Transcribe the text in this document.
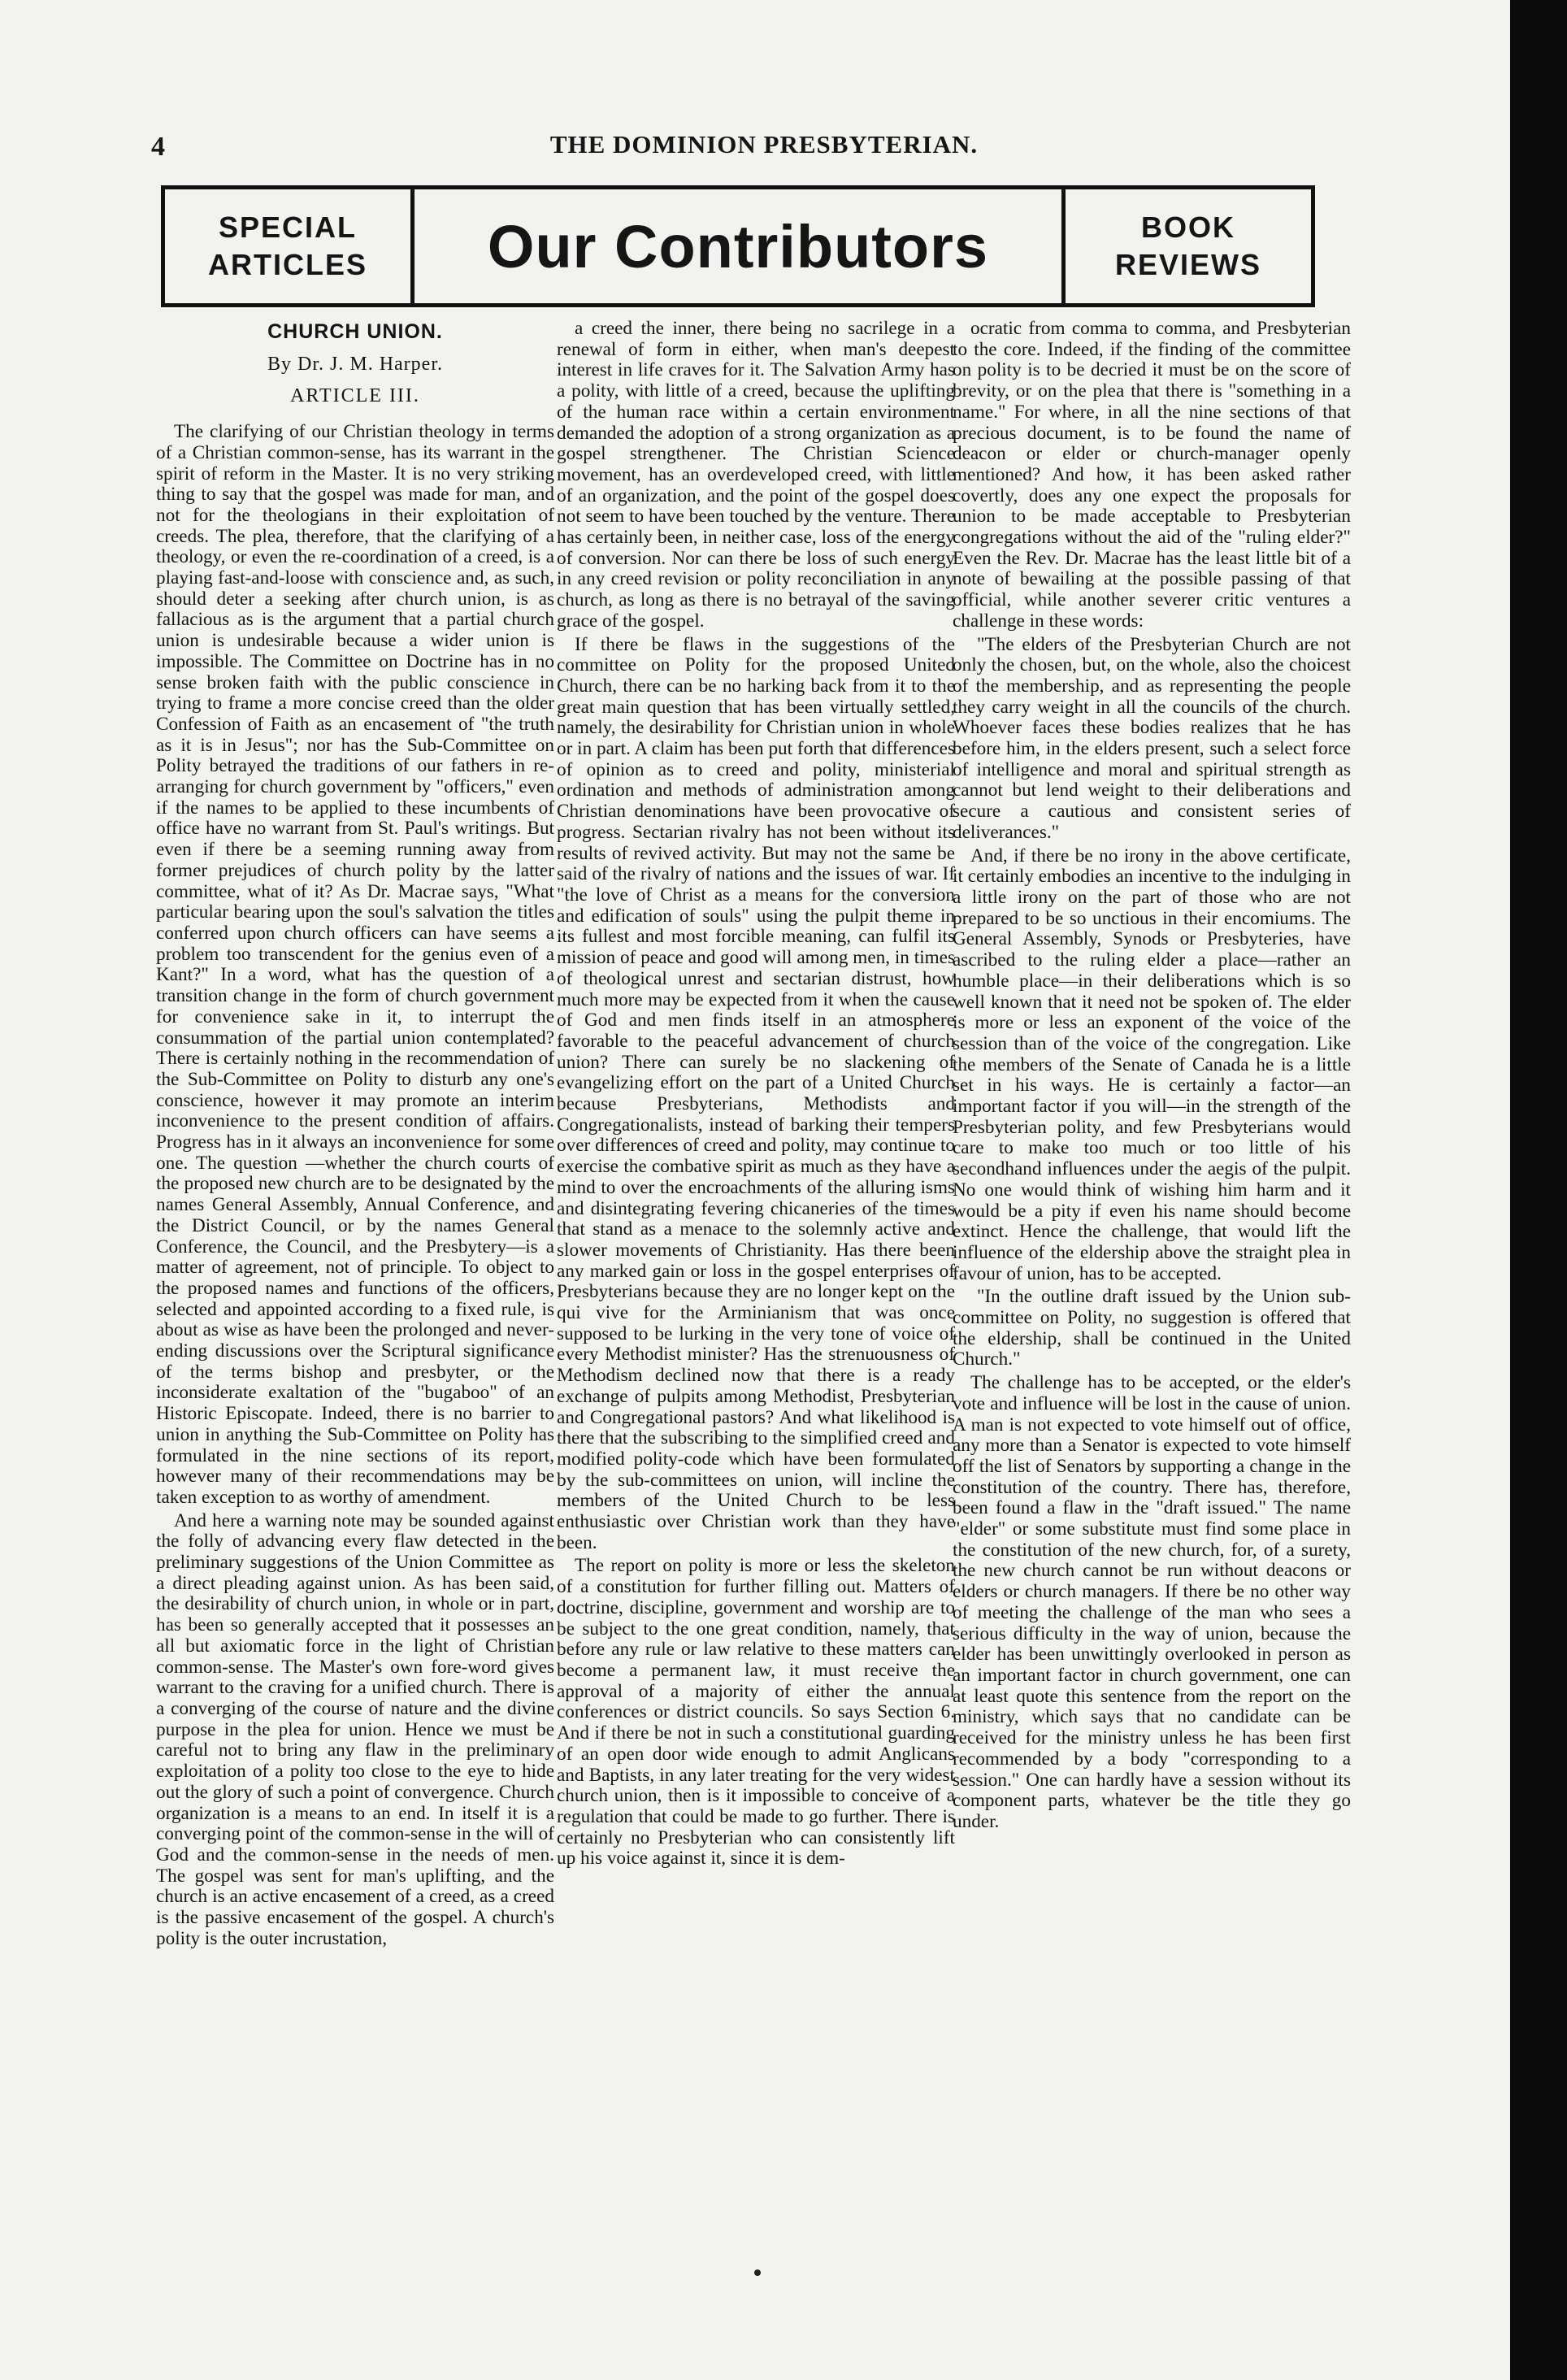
4	THE DOMINION PRESBYTERIAN.
SPECIAL
ARTICLES	Our Contributors	BOOK
REVIEWS
CHURCH UNION.
By Dr. J. M. Harper.
ARTICLE III.

The clarifying of our Christian theology in terms of a Christian common-sense, has its warrant in the spirit of reform in the Master. It is no very striking thing to say that the gospel was made for man, and not for the theologians in their exploitation of creeds. The plea, therefore, that the clarifying of a theology, or even the re-coordination of a creed, is a playing fast-and-loose with conscience and, as such, should deter a seeking after church union, is as fallacious as is the argument that a partial church union is undesirable because a wider union is impossible. The Committee on Doctrine has in no sense broken faith with the public conscience in trying to frame a more concise creed than the older Confession of Faith as an encasement of "the truth as it is in Jesus"; nor has the Sub-Committee on Polity betrayed the traditions of our fathers in re-arranging for church government by "officers," even if the names to be applied to these incumbents of office have no warrant from St. Paul's writings. But even if there be a seeming running away from former prejudices of church polity by the latter committee, what of it? As Dr. Macrae says, "What particular bearing upon the soul's salvation the titles conferred upon church officers can have seems a problem too transcendent for the genius even of a Kant?" In a word, what has the question of a transition change in the form of church government for convenience sake in it, to interrupt the consummation of the partial union contemplated? There is certainly nothing in the recommendation of the Sub-Committee on Polity to disturb any one's conscience, however it may promote an interim inconvenience to the present condition of affairs. Progress has in it always an inconvenience for some one. The question —whether the church courts of the proposed new church are to be designated by the names General Assembly, Annual Conference, and the District Council, or by the names General Conference, the Council, and the Presbytery—is a matter of agreement, not of principle. To object to the proposed names and functions of the officers, selected and appointed according to a fixed rule, is about as wise as have been the prolonged and never-ending discussions over the Scriptural significance of the terms bishop and presbyter, or the inconsiderate exaltation of the "bugaboo" of an Historic Episcopate. Indeed, there is no barrier to union in anything the Sub-Committee on Polity has formulated in the nine sections of its report, however many of their recommendations may be taken exception to as worthy of amendment.

And here a warning note may be sounded against the folly of advancing every flaw detected in the preliminary suggestions of the Union Committee as a direct pleading against union. As has been said, the desirability of church union, in whole or in part, has been so generally accepted that it possesses an all but axiomatic force in the light of Christian common-sense. The Master's own fore-word gives warrant to the craving for a unified church. There is a converging of the course of nature and the divine purpose in the plea for union. Hence we must be careful not to bring any flaw in the preliminary exploitation of a polity too close to the eye to hide out the glory of such a point of convergence. Church organization is a means to an end. In itself it is a converging point of the common-sense in the will of God and the common-sense in the needs of men. The gospel was sent for man's uplifting, and the church is an active encasement of a creed, as a creed is the passive encasement of the gospel. A church's polity is the outer incrustation,

a creed the inner, there being no sacrilege in a renewal of form in either, when man's deepest interest in life craves for it. The Salvation Army has a polity, with little of a creed, because the uplifting of the human race within a certain environment demanded the adoption of a strong organization as a gospel strengthener. The Christian Science movement, has an overdeveloped creed, with little of an organization, and the point of the gospel does not seem to have been touched by the venture. There has certainly been, in neither case, loss of the energy of conversion. Nor can there be loss of such energy in any creed revision or polity reconciliation in any church, as long as there is no betrayal of the saving grace of the gospel.

If there be flaws in the suggestions of the committee on Polity for the proposed United Church, there can be no harking back from it to the great main question that has been virtually settled, namely, the desirability for Christian union in whole or in part. A claim has been put forth that differences of opinion as to creed and polity, ministerial ordination and methods of administration among Christian denominations have been provocative of progress. Sectarian rivalry has not been without its results of revived activity. But may not the same be said of the rivalry of nations and the issues of war. If "the love of Christ as a means for the conversion and edification of souls" using the pulpit theme in its fullest and most forcible meaning, can fulfil its mission of peace and good will among men, in times of theological unrest and sectarian distrust, how much more may be expected from it when the cause of God and men finds itself in an atmosphere favorable to the peaceful advancement of church union? There can surely be no slackening of evangelizing effort on the part of a United Church because Presbyterians, Methodists and Congregationalists, instead of barking their tempers over differences of creed and polity, may continue to exercise the combative spirit as much as they have a mind to over the encroachments of the alluring isms and disintegrating fevering chicaneries of the times that stand as a menace to the solemnly active and slower movements of Christianity. Has there been any marked gain or loss in the gospel enterprises of Presbyterians because they are no longer kept on the qui vive for the Arminianism that was once supposed to be lurking in the very tone of voice of every Methodist minister? Has the strenuousness of Methodism declined now that there is a ready exchange of pulpits among Methodist, Presbyterian and Congregational pastors? And what likelihood is there that the subscribing to the simplified creed and modified polity-code which have been formulated by the sub-committees on union, will incline the members of the United Church to be less enthusiastic over Christian work than they have been.

The report on polity is more or less the skeleton of a constitution for further filling out. Matters of doctrine, discipline, government and worship are to be subject to the one great condition, namely, that before any rule or law relative to these matters can become a permanent law, it must receive the approval of a majority of either the annual conferences or district councils. So says Section 6. And if there be not in such a constitutional guarding of an open door wide enough to admit Anglicans and Baptists, in any later treating for the very widest church union, then is it impossible to conceive of a regulation that could be made to go further. There is certainly no Presbyterian who can consistently lift up his voice against it, since it is dem-

ocratic from comma to comma, and Presbyterian to the core. Indeed, if the finding of the committee on polity is to be decried it must be on the score of brevity, or on the plea that there is "something in a name." For where, in all the nine sections of that precious document, is to be found the name of deacon or elder or church-manager openly mentioned? And how, it has been asked rather covertly, does any one expect the proposals for union to be made acceptable to Presbyterian congregations without the aid of the "ruling elder?" Even the Rev. Dr. Macrae has the least little bit of a note of bewailing at the possible passing of that official, while another severer critic ventures a challenge in these words:

"The elders of the Presbyterian Church are not only the chosen, but, on the whole, also the choicest of the membership, and as representing the people they carry weight in all the councils of the church. Whoever faces these bodies realizes that he has before him, in the elders present, such a select force of intelligence and moral and spiritual strength as cannot but lend weight to their deliberations and secure a cautious and consistent series of deliverances."

And, if there be no irony in the above certificate, it certainly embodies an incentive to the indulging in a little irony on the part of those who are not prepared to be so unctious in their encomiums. The General Assembly, Synods or Presbyteries, have ascribed to the ruling elder a place—rather an humble place—in their deliberations which is so well known that it need not be spoken of. The elder is more or less an exponent of the voice of the session than of the voice of the congregation. Like the members of the Senate of Canada he is a little set in his ways. He is certainly a factor—an important factor if you will—in the strength of the Presbyterian polity, and few Presbyterians would care to make too much or too little of his secondhand influences under the aegis of the pulpit. No one would think of wishing him harm and it would be a pity if even his name should become extinct. Hence the challenge, that would lift the influence of the eldership above the straight plea in favour of union, has to be accepted.

"In the outline draft issued by the Union sub-committee on Polity, no suggestion is offered that the eldership, shall be continued in the United Church."

The challenge has to be accepted, or the elder's vote and influence will be lost in the cause of union. A man is not expected to vote himself out of office, any more than a Senator is expected to vote himself off the list of Senators by supporting a change in the constitution of the country. There has, therefore, been found a flaw in the "draft issued." The name "elder" or some substitute must find some place in the constitution of the new church, for, of a surety, the new church cannot be run without deacons or elders or church managers. If there be no other way of meeting the challenge of the man who sees a serious difficulty in the way of union, because the elder has been unwittingly overlooked in person as an important factor in church government, one can at least quote this sentence from the report on the ministry, which says that no candidate can be received for the ministry unless he has been first recommended by a body "corresponding to a session." One can hardly have a session without its component parts, whatever be the title they go under.
